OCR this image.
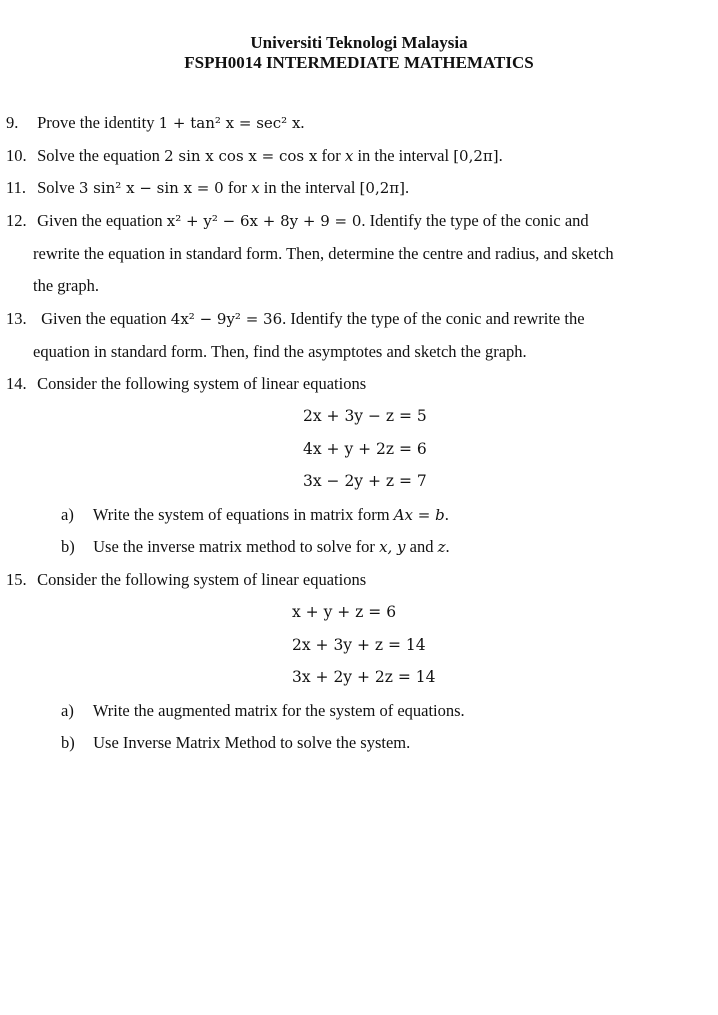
Universiti Teknologi Malaysia
FSPH0014 INTERMEDIATE MATHEMATICS
9. Prove the identity 1 + tan² x = sec² x.
10. Solve the equation 2 sin x cos x = cos x for x in the interval [0,2π].
11. Solve 3 sin² x − sin x = 0 for x in the interval [0,2π].
12. Given the equation x² + y² − 6x + 8y + 9 = 0. Identify the type of the conic and
rewrite the equation in standard form. Then, determine the centre and radius, and sketch
the graph.
13. Given the equation 4x² − 9y² = 36. Identify the type of the conic and rewrite the
equation in standard form. Then, find the asymptotes and sketch the graph.
14. Consider the following system of linear equations
2x + 3y − z = 5
4x + y + 2z = 6
3x − 2y + z = 7
a) Write the system of equations in matrix form Ax = b.
b) Use the inverse matrix method to solve for x, y and z.
15. Consider the following system of linear equations
x + y + z = 6
2x + 3y + z = 14
3x + 2y + 2z = 14
a) Write the augmented matrix for the system of equations.
b) Use Inverse Matrix Method to solve the system.
